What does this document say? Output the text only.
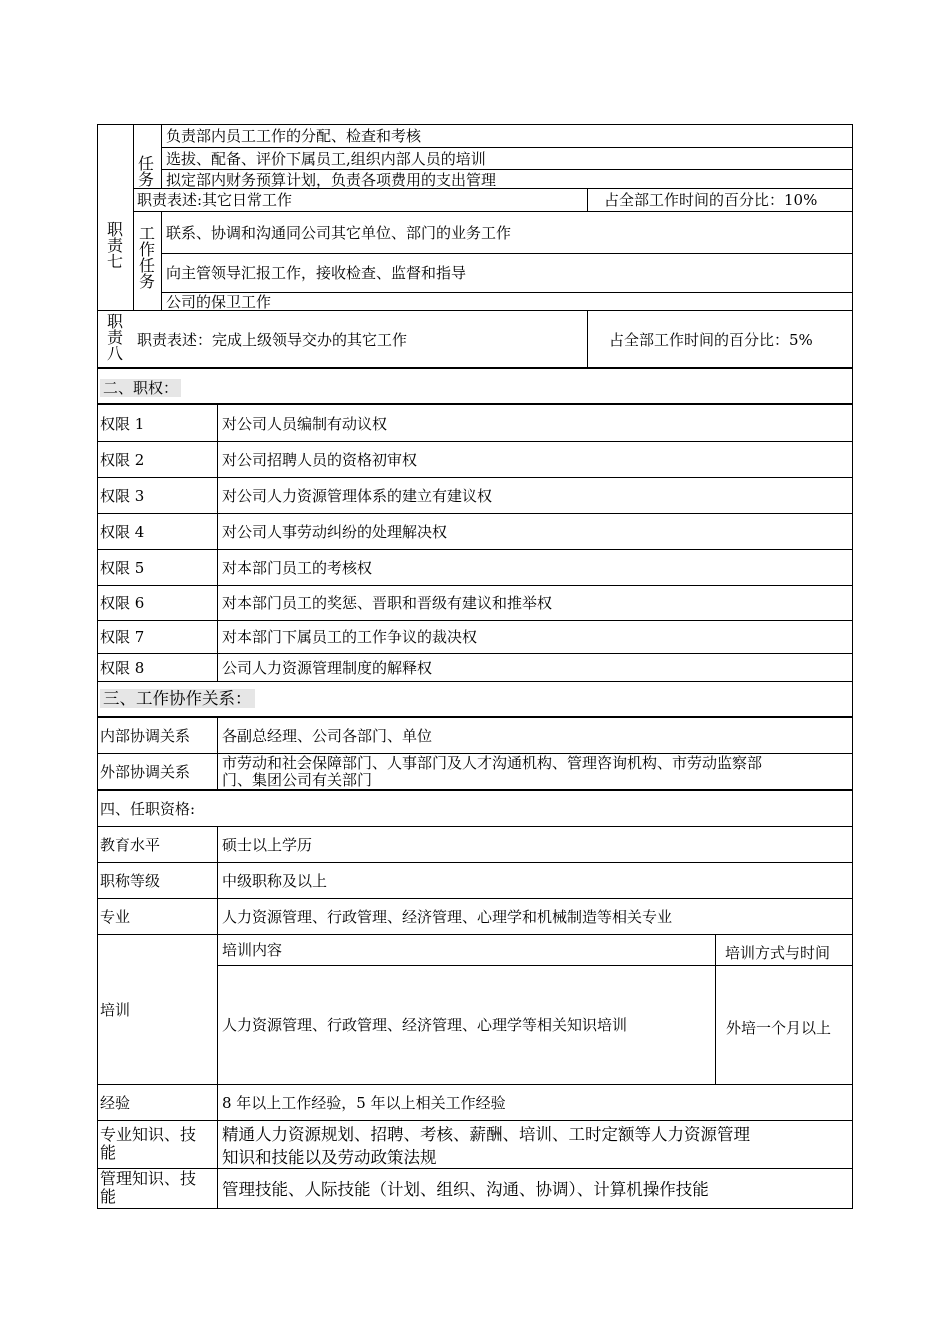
任务
负责部内员工工作的分配、检查和考核
选拔、配备、评价下属员工,组织内部人员的培训
拟定部内财务预算计划，负责各项费用的支出管理
职责七
职责表述:其它日常工作	占全部工作时间的百分比：10%
工作任务
联系、协调和沟通同公司其它单位、部门的业务工作
向主管领导汇报工作，接收检查、监督和指导
公司的保卫工作
职责八
职责表述：完成上级领导交办的其它工作	占全部工作时间的百分比：5%
二、职权：
权限 1	对公司人员编制有动议权
权限 2	对公司招聘人员的资格初审权
权限 3	对公司人力资源管理体系的建立有建议权
权限 4	对公司人事劳动纠纷的处理解决权
权限 5	对本部门员工的考核权
权限 6	对本部门员工的奖惩、晋职和晋级有建议和推举权
权限 7	对本部门下属员工的工作争议的裁决权
权限 8	公司人力资源管理制度的解释权
三、工作协作关系：
内部协调关系 各副总经理、公司各部门、单位
外部协调关系 市劳动和社会保障部门、人事部门及人才沟通机构、管理咨询机构、市劳动监察部
门、集团公司有关部门
四、任职资格:
教育水平	硕士以上学历
职称等级	中级职称及以上
专业	人力资源管理、行政管理、经济管理、心理学和机械制造等相关专业
培训
培训内容	培训方式与时间
人力资源管理、行政管理、经济管理、心理学等相关知识培训	外培一个月以上
经验	8 年以上工作经验，5 年以上相关工作经验
专业知识、技
能
精通人力资源规划、招聘、考核、薪酬、培训、工时定额等人力资源管理
知识和技能以及劳动政策法规
管理知识、技
能	管理技能、人际技能（计划、组织、沟通、协调）、计算机操作技能
